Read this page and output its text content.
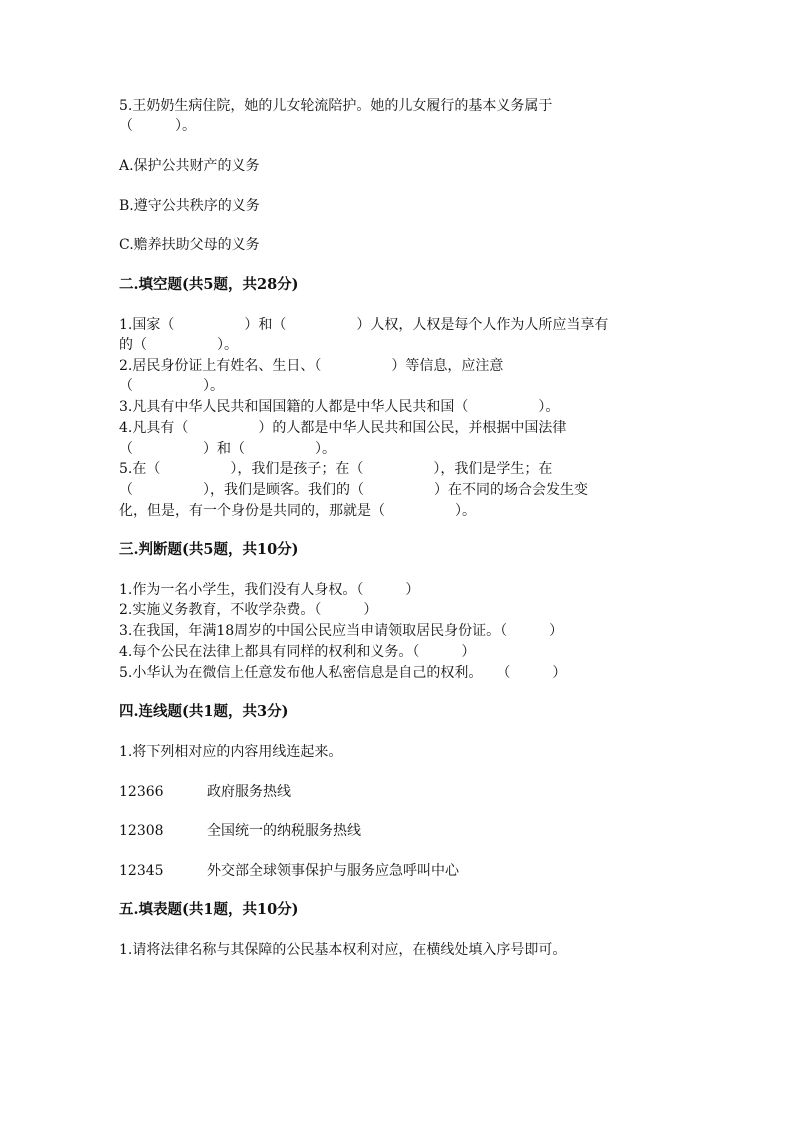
5.王奶奶生病住院，她的儿女轮流陪护。她的儿女履行的基本义务属于
（　　　）。
A.保护公共财产的义务
B.遵守公共秩序的义务
C.赡养扶助父母的义务
二.填空题(共5题，共28分)
1.国家（　　　　　）和（　　　　　）人权，人权是每个人作为人所应当享有
的（　　　　　）。
2.居民身份证上有姓名、生日、（　　　　　）等信息，应注意
（　　　　　）。
3.凡具有中华人民共和国国籍的人都是中华人民共和国（　　　　　）。
4.凡具有（　　　　　）的人都是中华人民共和国公民，并根据中国法律
（　　　　　）和（　　　　　）。
5.在（　　　　　），我们是孩子；在（　　　　　），我们是学生；在
（　　　　　），我们是顾客。我们的（　　　　　）在不同的场合会发生变
化，但是，有一个身份是共同的，那就是（　　　　　）。
三.判断题(共5题，共10分)
1.作为一名小学生，我们没有人身权。（　　　）
2.实施义务教育，不收学杂费。（　　　）
3.在我国，年满18周岁的中国公民应当申请领取居民身份证。（　　　）
4.每个公民在法律上都具有同样的权利和义务。（　　　）
5.小华认为在微信上任意发布他人私密信息是自己的权利。　　（　　　）
四.连线题(共1题，共3分)
1.将下列相对应的内容用线连起来。
12366	政府服务热线
12308	全国统一的纳税服务热线
12345	外交部全球领事保护与服务应急呼叫中心
五.填表题(共1题，共10分)
1.请将法律名称与其保障的公民基本权利对应，在横线处填入序号即可。
